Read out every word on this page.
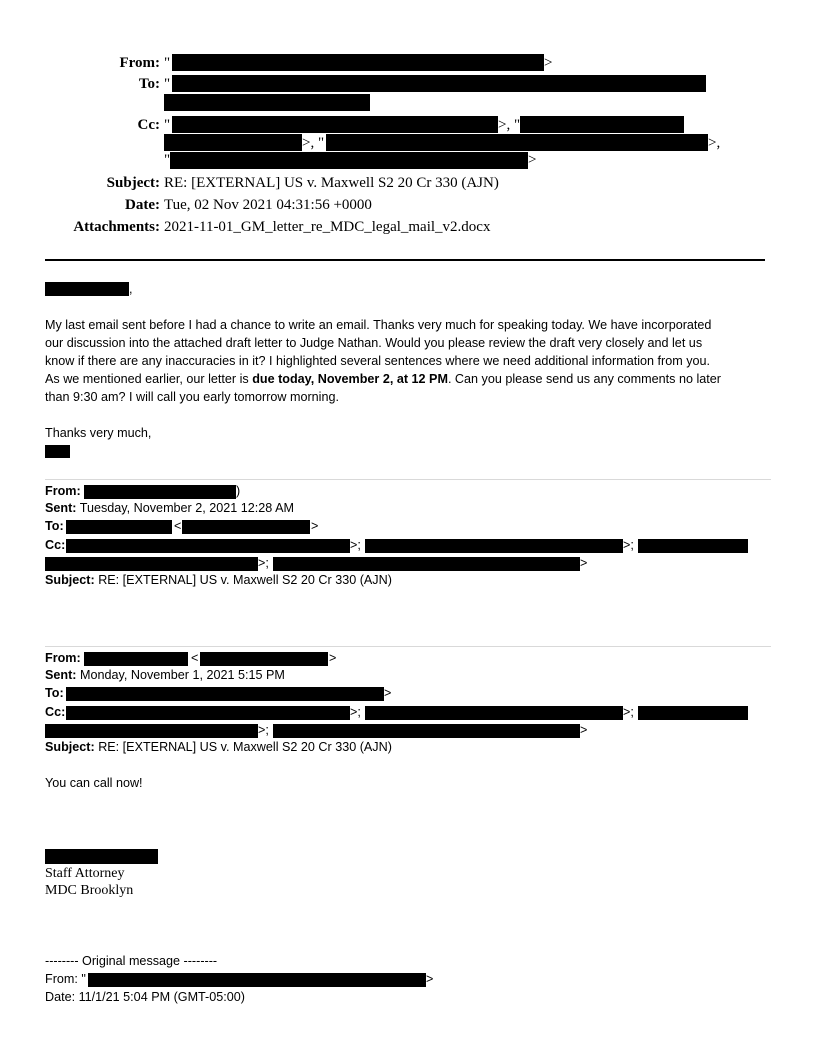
From: "	>
To: "
Cc: "	>, "
>, "	>,
"	>
Subject: RE: [EXTERNAL] US v. Maxwell S2 20 Cr 330 (AJN)
Date: Tue, 02 Nov 2021 04:31:56 +0000
Attachments: 2021-11-01_GM_letter_re_MDC_legal_mail_v2.docx
,
My last email sent before I had a chance to write an email. Thanks very much for speaking today. We have incorporated
our discussion into the attached draft letter to Judge Nathan. Would you please review the draft very closely and let us
know if there are any inaccuracies in it? I highlighted several sentences where we need additional information from you.
As we mentioned earlier, our letter is due today, November 2, at 12 PM. Can you please send us any comments no later
than 9:30 am? I will call you early tomorrow morning.
Thanks very much,
From:	)
Sent: Tuesday, November 2, 2021 12:28 AM
To:	<	>
Cc:	>;	>;
>;	>
Subject: RE: [EXTERNAL] US v. Maxwell S2 20 Cr 330 (AJN)
From:	<	>
Sent: Monday, November 1, 2021 5:15 PM
To:	>
Cc:	>;	>;
>;	>
Subject: RE: [EXTERNAL] US v. Maxwell S2 20 Cr 330 (AJN)
You can call now!
Staff Attorney
MDC Brooklyn
-------- Original message --------
From: "	>
Date: 11/1/21 5:04 PM (GMT-05:00)
